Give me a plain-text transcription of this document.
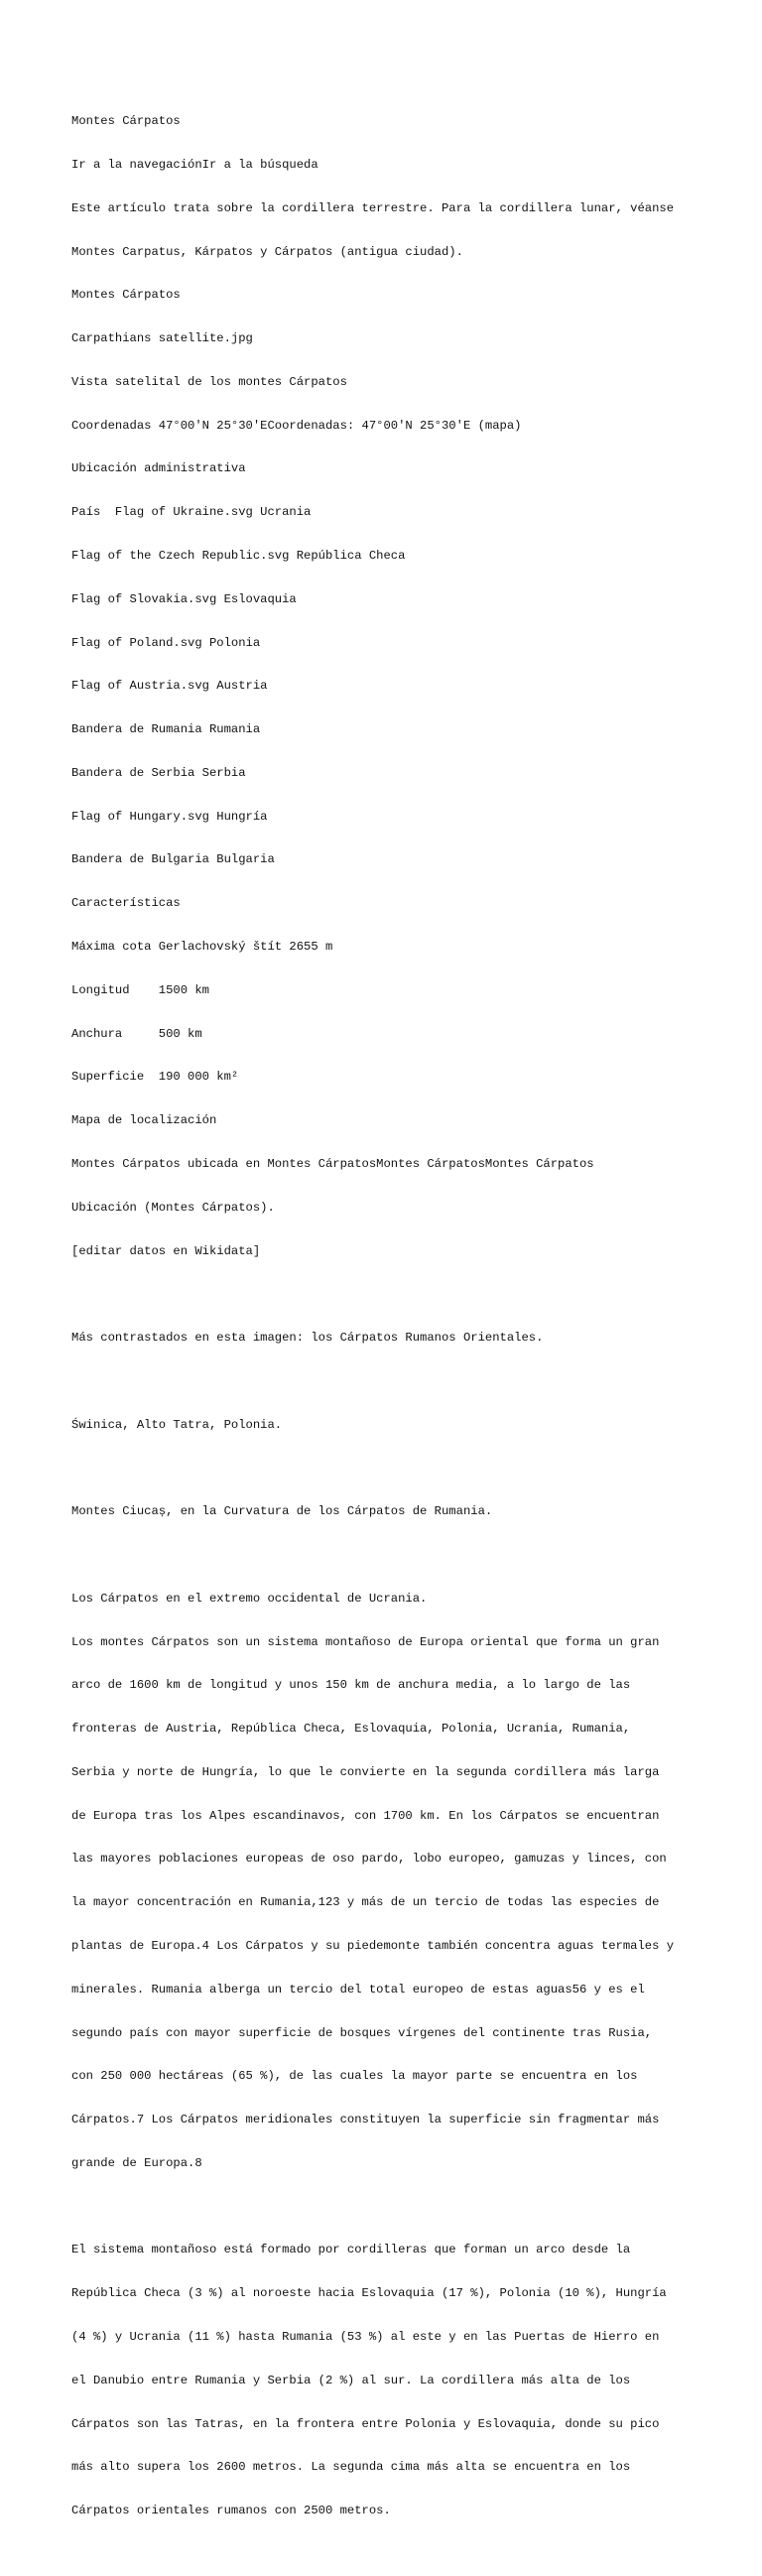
Montes Cárpatos

Ir a la navegaciónIr a la búsqueda

Este artículo trata sobre la cordillera terrestre. Para la cordillera lunar, véanse

Montes Carpatus, Kárpatos y Cárpatos (antigua ciudad).

Montes Cárpatos

Carpathians satellite.jpg

Vista satelital de los montes Cárpatos

Coordenadas 47°00′N 25°30′ECoordenadas: 47°00′N 25°30′E (mapa)

Ubicación administrativa

País  Flag of Ukraine.svg Ucrania

Flag of the Czech Republic.svg República Checa

Flag of Slovakia.svg Eslovaquia

Flag of Poland.svg Polonia

Flag of Austria.svg Austria

Bandera de Rumania Rumania

Bandera de Serbia Serbia

Flag of Hungary.svg Hungría

Bandera de Bulgaria Bulgaria

Características

Máxima cota Gerlachovský štít 2655 m

Longitud    1500 km

Anchura     500 km

Superficie  190 000 km²

Mapa de localización

Montes Cárpatos ubicada en Montes CárpatosMontes CárpatosMontes Cárpatos

Ubicación (Montes Cárpatos).

[editar datos en Wikidata]

Más contrastados en esta imagen: los Cárpatos Rumanos Orientales.

Świnica, Alto Tatra, Polonia.

Montes Ciucaș, en la Curvatura de los Cárpatos de Rumania.

Los Cárpatos en el extremo occidental de Ucrania.

Los montes Cárpatos son un sistema montañoso de Europa oriental que forma un gran

arco de 1600 km de longitud y unos 150 km de anchura media, a lo largo de las

fronteras de Austria, República Checa, Eslovaquia, Polonia, Ucrania, Rumania,

Serbia y norte de Hungría, lo que le convierte en la segunda cordillera más larga

de Europa tras los Alpes escandinavos, con 1700 km. En los Cárpatos se encuentran

las mayores poblaciones europeas de oso pardo, lobo europeo, gamuzas y linces, con

la mayor concentración en Rumania,123 y más de un tercio de todas las especies de

plantas de Europa.4 Los Cárpatos y su piedemonte también concentra aguas termales y

minerales. Rumania alberga un tercio del total europeo de estas aguas56 y es el

segundo país con mayor superficie de bosques vírgenes del continente tras Rusia,

con 250 000 hectáreas (65 %), de las cuales la mayor parte se encuentra en los

Cárpatos.7 Los Cárpatos meridionales constituyen la superficie sin fragmentar más

grande de Europa.8

El sistema montañoso está formado por cordilleras que forman un arco desde la

República Checa (3 %) al noroeste hacia Eslovaquia (17 %), Polonia (10 %), Hungría

(4 %) y Ucrania (11 %) hasta Rumania (53 %) al este y en las Puertas de Hierro en

el Danubio entre Rumania y Serbia (2 %) al sur. La cordillera más alta de los

Cárpatos son las Tatras, en la frontera entre Polonia y Eslovaquia, donde su pico

más alto supera los 2600 metros. La segunda cima más alta se encuentra en los

Cárpatos orientales rumanos con 2500 metros.
